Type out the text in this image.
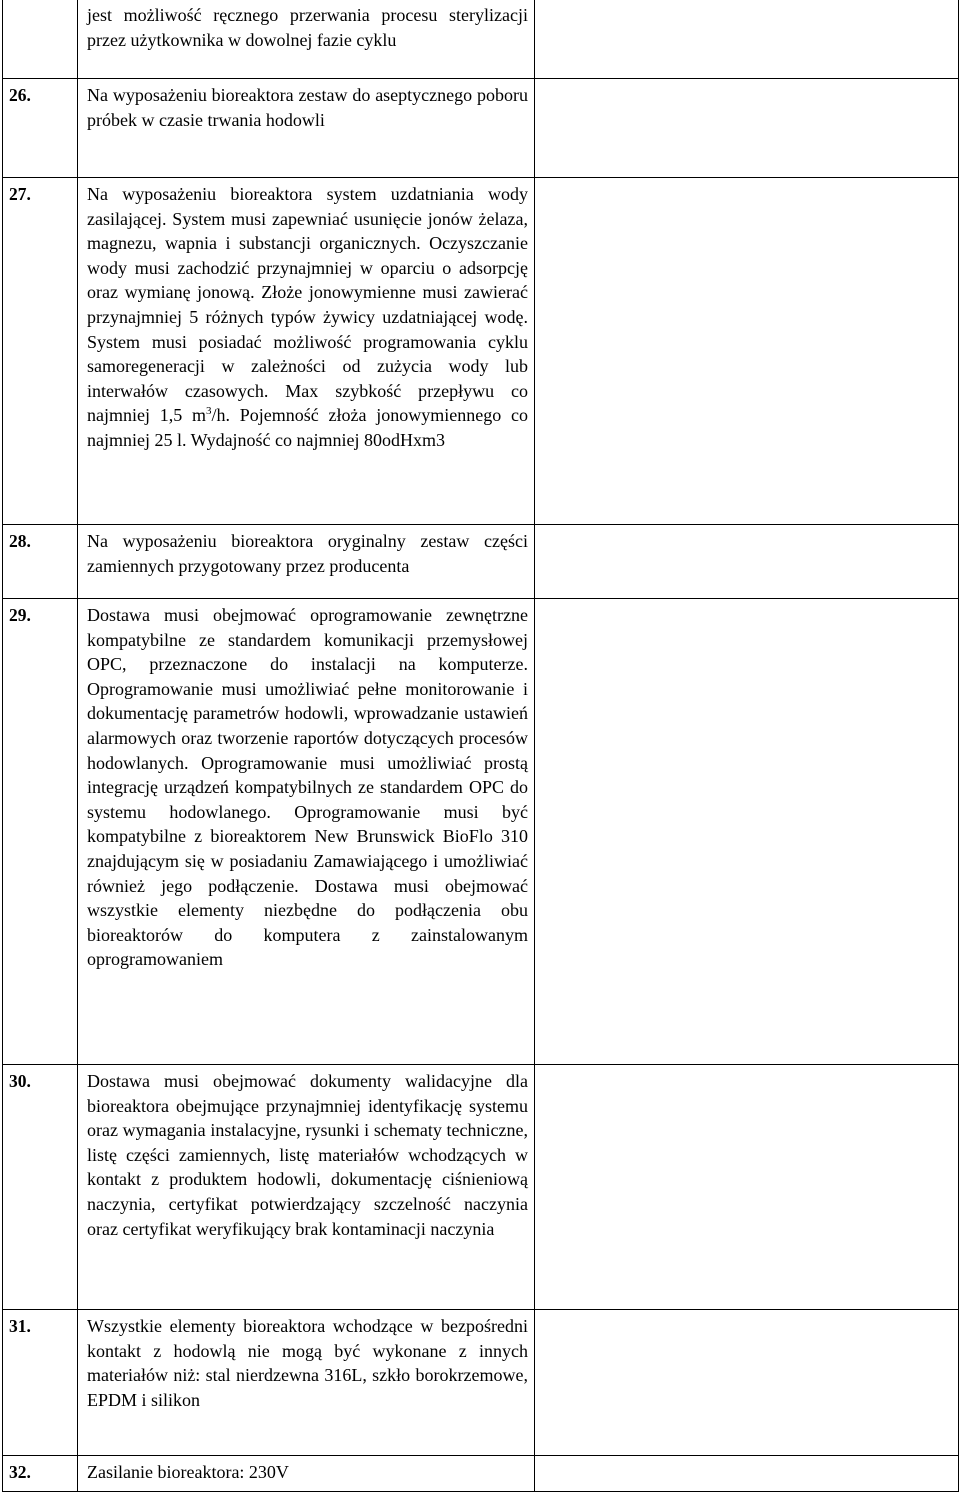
	jest możliwość ręcznego przerwania procesu sterylizacji przez użytkownika w dowolnej fazie cyklu	

26.	Na wyposażeniu bioreaktora zestaw do aseptycznego poboru próbek w czasie trwania hodowli	

27.	Na wyposażeniu bioreaktora system uzdatniania wody zasilającej. System musi zapewniać usunięcie jonów żelaza, magnezu, wapnia i substancji organicznych. Oczyszczanie wody musi zachodzić przynajmniej w oparciu o adsorpcję oraz wymianę jonową. Złoże jonowymienne musi zawierać przynajmniej 5 różnych typów żywicy uzdatniającej wodę. System musi posiadać możliwość programowania cyklu samoregeneracji w zależności od zużycia wody lub interwałów czasowych. Max szybkość przepływu co najmniej 1,5 $m^3/h$. Pojemność złoża jonowymiennego co najmniej 25 l. Wydajność co najmniej 80odHxm3	

28.	Na wyposażeniu bioreaktora oryginalny zestaw części zamiennych przygotowany przez producenta	

29.	Dostawa musi obejmować oprogramowanie zewnętrzne kompatybilne ze standardem komunikacji przemysłowej OPC, przeznaczone do instalacji na komputerze. Oprogramowanie musi umożliwiać pełne monitorowanie i dokumentację parametrów hodowli, wprowadzanie ustawień alarmowych oraz tworzenie raportów dotyczących procesów hodowlanych. Oprogramowanie musi umożliwiać prostą integrację urządzeń kompatybilnych ze standardem OPC do systemu hodowlanego. Oprogramowanie musi być kompatybilne z bioreaktorem New Brunswick BioFlo 310 znajdującym się w posiadaniu Zamawiającego i umożliwiać również jego podłączenie. Dostawa musi obejmować wszystkie elementy niezbędne do podłączenia obu bioreaktorów do komputera z zainstalowanym oprogramowaniem	

30.	Dostawa musi obejmować dokumenty walidacyjne dla bioreaktora obejmujące przynajmniej identyfikację systemu oraz wymagania instalacyjne, rysunki i schematy techniczne, listę części zamiennych, listę materiałów wchodzących w kontakt z produktem hodowli, dokumentację ciśnieniową naczynia, certyfikat potwierdzający szczelność naczynia oraz certyfikat weryfikujący brak kontaminacji naczynia	

31.	Wszystkie elementy bioreaktora wchodzące w bezpośredni kontakt z hodowlą nie mogą być wykonane z innych materiałów niż: stal nierdzewna 316L, szkło borokrzemowe, EPDM i silikon	

32.	Zasilanie bioreaktora: 230V	
